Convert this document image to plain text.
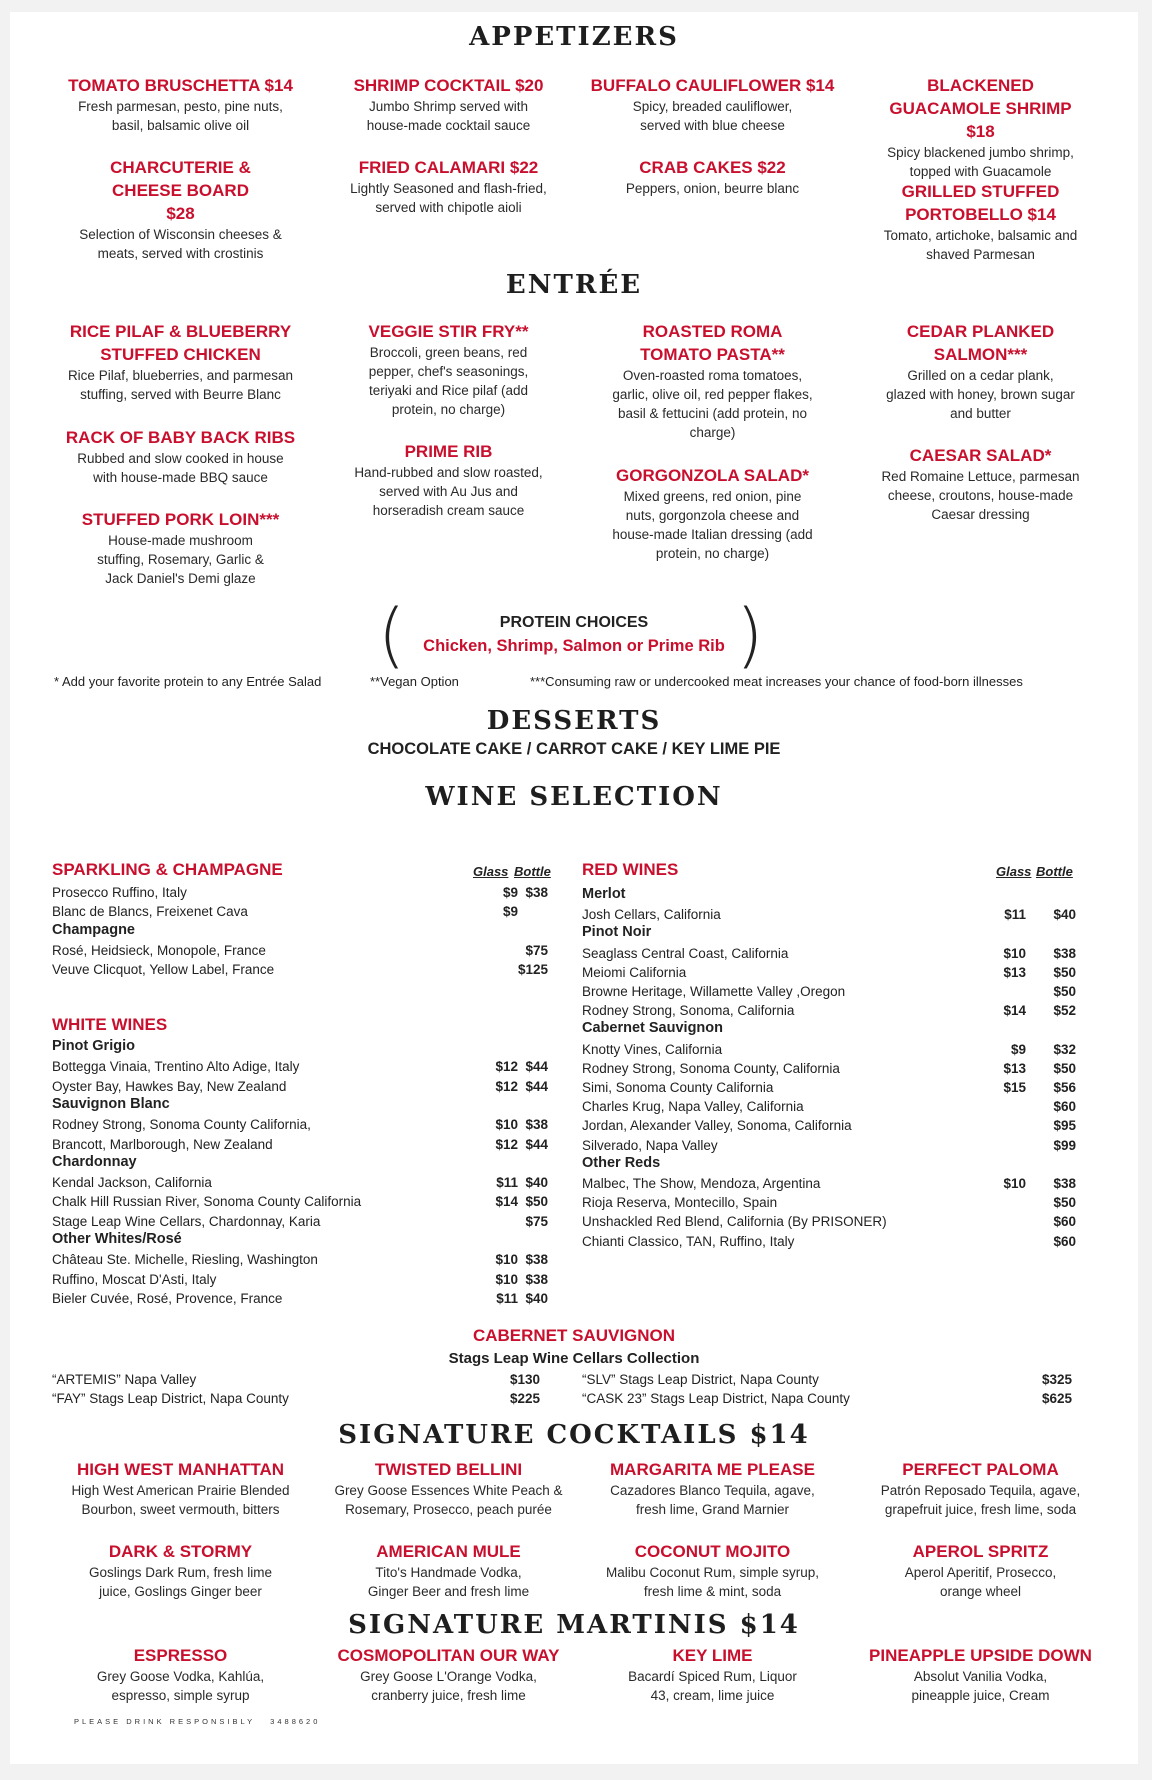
APPETIZERS
TOMATO BRUSCHETTA $14
Fresh parmesan, pesto, pine nuts, basil, balsamic olive oil
SHRIMP COCKTAIL $20
Jumbo Shrimp served with house-made cocktail sauce
BUFFALO CAULIFLOWER $14
Spicy, breaded cauliflower, served with blue cheese
BLACKENED GUACAMOLE SHRIMP $18
Spicy blackened jumbo shrimp, topped with Guacamole
CHARCUTERIE & CHEESE BOARD $28
Selection of Wisconsin cheeses & meats, served with crostinis
FRIED CALAMARI $22
Lightly Seasoned and flash-fried, served with chipotle aioli
CRAB CAKES $22
Peppers, onion, beurre blanc	GRILLED STUFFED PORTOBELLO $14
Tomato, artichoke, balsamic and shaved Parmesan
ENTRÉE
RICE PILAF & BLUEBERRY STUFFED CHICKEN
Rice Pilaf, blueberries, and parmesan stuffing, served with Beurre Blanc
RACK OF BABY BACK RIBS
Rubbed and slow cooked in house with house-made BBQ sauce
STUFFED PORK LOIN***
House-made mushroom stuffing, Rosemary, Garlic & Jack Daniel's Demi glaze
VEGGIE STIR FRY**
Broccoli, green beans, red pepper, chef's seasonings, teriyaki and Rice pilaf (add protein, no charge)
PRIME RIB
Hand-rubbed and slow roasted, served with Au Jus and horseradish cream sauce
ROASTED ROMA TOMATO PASTA**
Oven-roasted roma tomatoes, garlic, olive oil, red pepper flakes, basil & fettucini (add protein, no charge)
GORGONZOLA SALAD*
Mixed greens, red onion, pine nuts, gorgonzola cheese and house-made Italian dressing (add protein, no charge)
CEDAR PLANKED SALMON***
Grilled on a cedar plank, glazed with honey, brown sugar and butter
CAESAR SALAD*
Red Romaine Lettuce, parmesan cheese, croutons, house-made Caesar dressing
(	)
PROTEIN CHOICES
Chicken, Shrimp, Salmon or Prime Rib
* Add your favorite protein to any Entrée Salad	**Vegan Option	***Consuming raw or undercooked meat increases your chance of food-born illnesses
DESSERTS
CHOCOLATE CAKE / CARROT CAKE / KEY LIME PIE
WINE SELECTION
SPARKLING & CHAMPAGNE	Glass Bottle
Prosecco Ruffino, Italy	$9 $38
Blanc de Blancs, Freixenet Cava	$9
Champagne
Rosé, Heidsieck, Monopole, France	$75
Veuve Clicquot, Yellow Label, France	$125
WHITE WINES
Pinot Grigio
Bottegga Vinaia, Trentino Alto Adige, Italy	$12 $44
Oyster Bay, Hawkes Bay, New Zealand	$12 $44
Sauvignon Blanc
Rodney Strong, Sonoma County California,	$10 $38
Brancott, Marlborough, New Zealand	$12 $44
Chardonnay
Kendal Jackson, California	$11 $40
Chalk Hill Russian River, Sonoma County California	$14 $50
Stage Leap Wine Cellars, Chardonnay, Karia	$75
Other Whites/Rosé
Château Ste. Michelle, Riesling, Washington	$10 $38
Ruffino, Moscat D'Asti, Italy	$10 $38
Bieler Cuvée, Rosé, Provence, France	$11 $40
RED WINES	Glass Bottle
Merlot
Josh Cellars, California	$11	$40
Pinot Noir
Seaglass Central Coast, California	$10	$38
Meiomi California	$13	$50
Browne Heritage, Willamette Valley ,Oregon	$50
Rodney Strong, Sonoma, California	$14	$52
Cabernet Sauvignon
Knotty Vines, California	$9	$32
Rodney Strong, Sonoma County, California	$13	$50
Simi, Sonoma County California	$15	$56
Charles Krug, Napa Valley, California	$60
Jordan, Alexander Valley, Sonoma, California	$95
Silverado, Napa Valley	$99
Other Reds
Malbec, The Show, Mendoza, Argentina	$10	$38
Rioja Reserva, Montecillo, Spain	$50
Unshackled Red Blend, California (By PRISONER)	$60
Chianti Classico, TAN, Ruffino, Italy	$60
CABERNET SAUVIGNON
Stags Leap Wine Cellars Collection
“ARTEMIS” Napa Valley	$130
“FAY” Stags Leap District, Napa County	$225
“SLV” Stags Leap District, Napa County	$325
“CASK 23” Stags Leap District, Napa County	$625
SIGNATURE COCKTAILS $14
HIGH WEST MANHATTAN
High West American Prairie Blended Bourbon, sweet vermouth, bitters
TWISTED BELLINI
Grey Goose Essences White Peach & Rosemary, Prosecco, peach purée
MARGARITA ME PLEASE
Cazadores Blanco Tequila, agave, fresh lime, Grand Marnier
PERFECT PALOMA
Patrón Reposado Tequila, agave, grapefruit juice, fresh lime, soda
DARK & STORMY
Goslings Dark Rum, fresh lime juice, Goslings Ginger beer
AMERICAN MULE
Tito's Handmade Vodka, Ginger Beer and fresh lime
COCONUT MOJITO
Malibu Coconut Rum, simple syrup, fresh lime & mint, soda
APEROL SPRITZ
Aperol Aperitif, Prosecco, orange wheel
SIGNATURE MARTINIS $14
ESPRESSO
Grey Goose Vodka, Kahlúa, espresso, simple syrup
COSMOPOLITAN OUR WAY
Grey Goose L'Orange Vodka, cranberry juice, fresh lime
KEY LIME
Bacardí Spiced Rum, Liquor 43, cream, lime juice
PINEAPPLE UPSIDE DOWN
Absolut Vanilia Vodka, pineapple juice, Cream
PLEASE DRINK RESPONSIBLY   3488620
